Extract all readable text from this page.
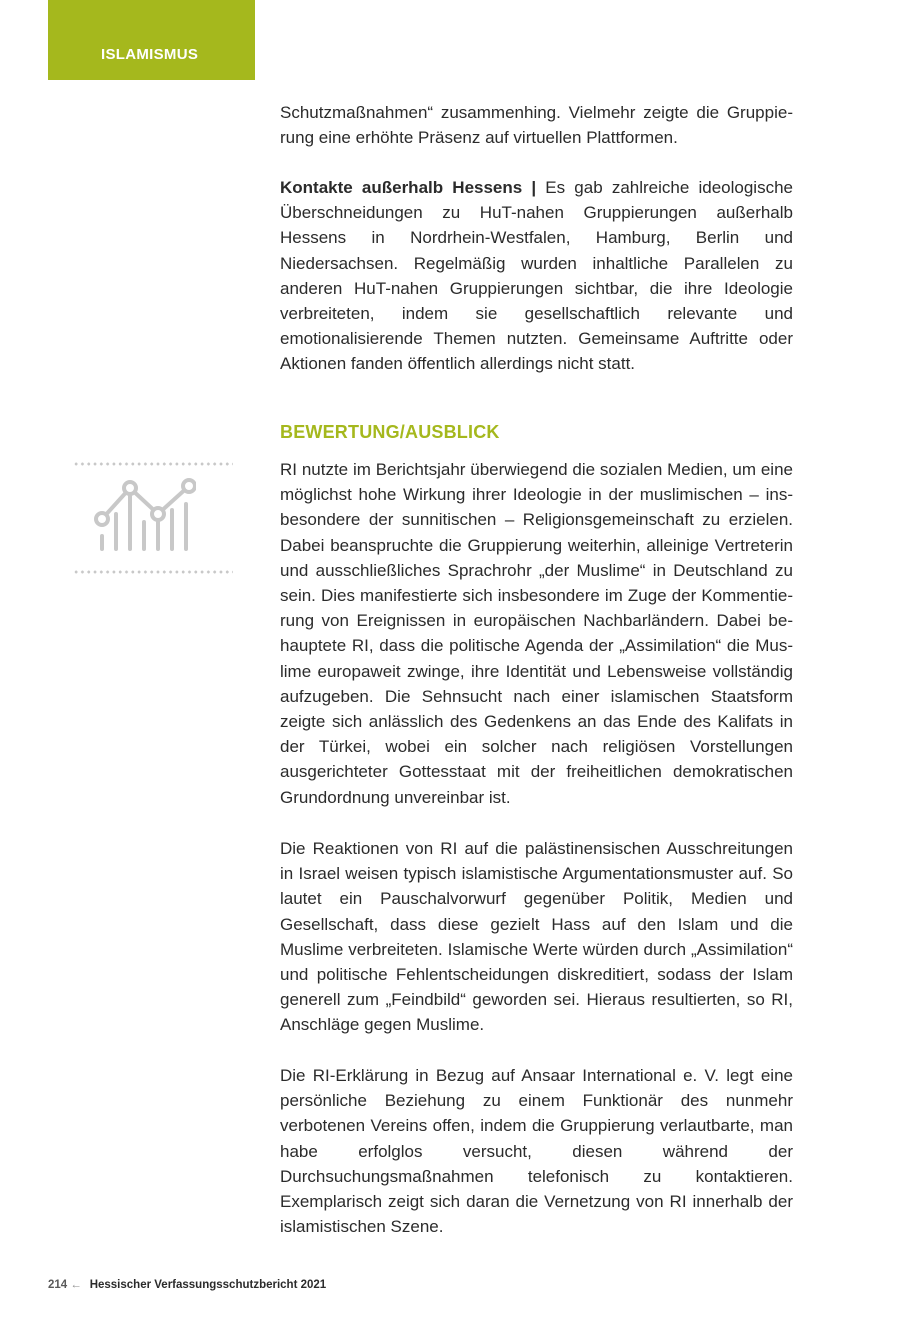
ISLAMISMUS

Schutzmaßnahmen“ zusammenhing. Vielmehr zeigte die Gruppierung eine erhöhte Präsenz auf virtuellen Plattformen.

Kontakte außerhalb Hessens | Es gab zahlreiche ideologische Überschneidungen zu HuT-nahen Gruppierungen außerhalb Hessens in Nordrhein-Westfalen, Hamburg, Berlin und Niedersachsen. Regelmäßig wurden inhaltliche Parallelen zu anderen HuT-nahen Gruppierungen sichtbar, die ihre Ideologie verbreiteten, indem sie gesellschaftlich relevante und emotionalisierende Themen nutzten. Gemeinsame Auftritte oder Aktionen fanden öffentlich allerdings nicht statt.

BEWERTUNG/AUSBLICK

RI nutzte im Berichtsjahr überwiegend die sozialen Medien, um eine möglichst hohe Wirkung ihrer Ideologie in der muslimischen – insbesondere der sunnitischen – Religionsgemeinschaft zu erzielen. Dabei beanspruchte die Gruppierung weiterhin, alleinige Vertreterin und ausschließliches Sprachrohr „der Muslime“ in Deutschland zu sein. Dies manifestierte sich insbesondere im Zuge der Kommentierung von Ereignissen in europäischen Nachbarländern. Dabei behauptete RI, dass die politische Agenda der „Assimilation“ die Muslime europaweit zwinge, ihre Identität und Lebensweise vollständig aufzugeben. Die Sehnsucht nach einer islamischen Staatsform zeigte sich anlässlich des Gedenkens an das Ende des Kalifats in der Türkei, wobei ein solcher nach religiösen Vorstellungen ausgerichteter Gottesstaat mit der freiheitlichen demokratischen Grundordnung unvereinbar ist.

Die Reaktionen von RI auf die palästinensischen Ausschreitungen in Israel weisen typisch islamistische Argumentationsmuster auf. So lautet ein Pauschalvorwurf gegenüber Politik, Medien und Gesellschaft, dass diese gezielt Hass auf den Islam und die Muslime verbreiteten. Islamische Werte würden durch „Assimilation“ und politische Fehlentscheidungen diskreditiert, sodass der Islam generell zum „Feindbild“ geworden sei. Hieraus resultierten, so RI, Anschläge gegen Muslime.

Die RI-Erklärung in Bezug auf Ansaar International e. V. legt eine persönliche Beziehung zu einem Funktionär des nunmehr verbotenen Vereins offen, indem die Gruppierung verlautbarte, man habe erfolglos versucht, diesen während der Durchsuchungsmaßnahmen telefonisch zu kontaktieren. Exemplarisch zeigt sich daran die Vernetzung von RI innerhalb der islamistischen Szene.

214 ← Hessischer Verfassungsschutzbericht 2021
